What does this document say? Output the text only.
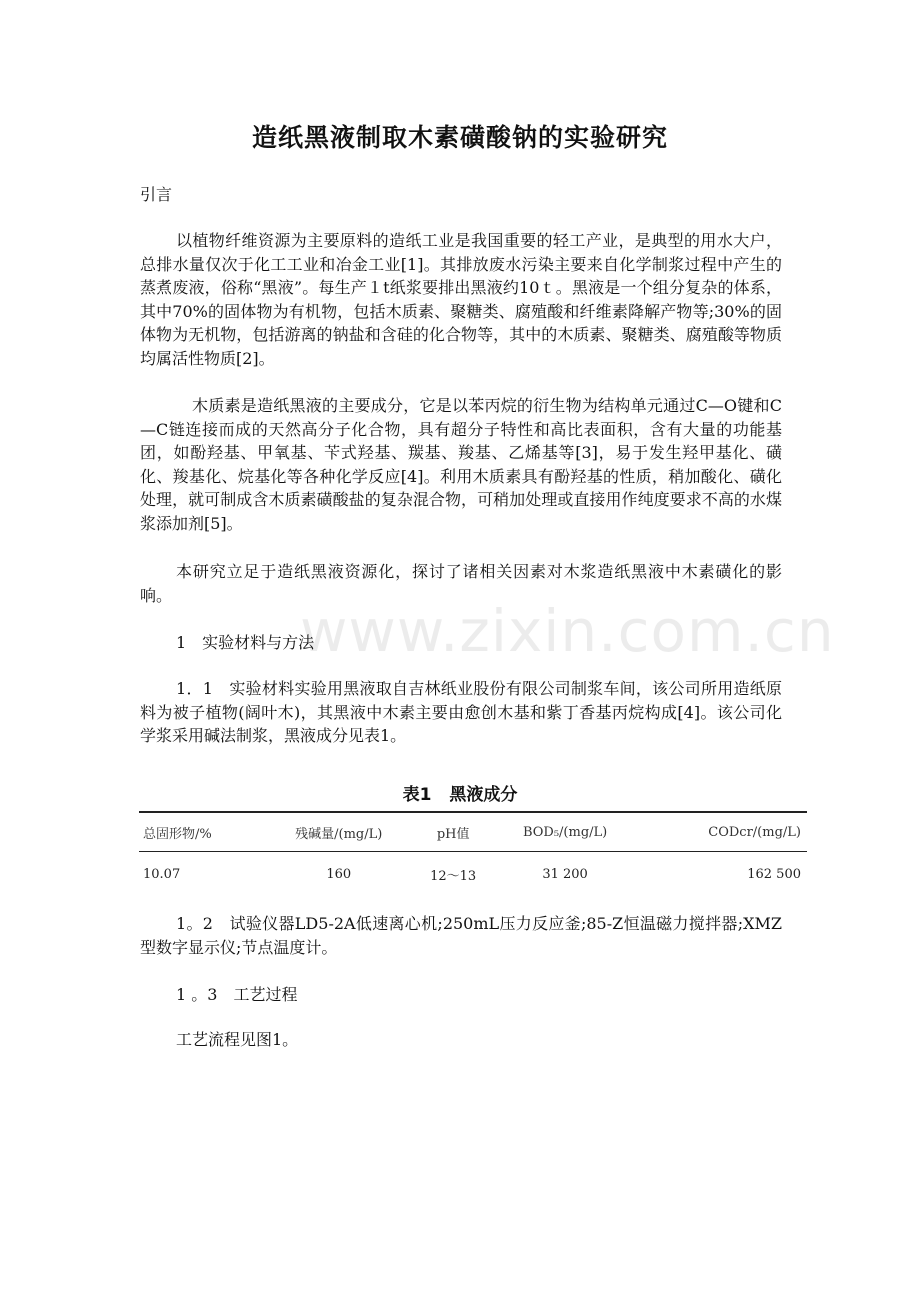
造纸黑液制取木素磺酸钠的实验研究
引言

以植物纤维资源为主要原料的造纸工业是我国重要的轻工产业，是典型的用水大户，总排水量仅次于化工工业和冶金工业[1]。其排放废水污染主要来自化学制浆过程中产生的蒸煮废液，俗称“黑液”。每生产１t纸浆要排出黑液约10ｔ。黑液是一个组分复杂的体系，其中70%的固体物为有机物，包括木质素、聚糖类、腐殖酸和纤维素降解产物等;30%的固体物为无机物，包括游离的钠盐和含硅的化合物等，其中的木质素、聚糖类、腐殖酸等物质均属活性物质[2]。

木质素是造纸黑液的主要成分，它是以苯丙烷的衍生物为结构单元通过C—O键和C—C链连接而成的天然高分子化合物，具有超分子特性和高比表面积，含有大量的功能基团，如酚羟基、甲氧基、苄式羟基、羰基、羧基、乙烯基等[3]，易于发生羟甲基化、磺化、羧基化、烷基化等各种化学反应[4]。利用木质素具有酚羟基的性质，稍加酸化、磺化处理，就可制成含木质素磺酸盐的复杂混合物，可稍加处理或直接用作纯度要求不高的水煤浆添加剂[5]。

本研究立足于造纸黑液资源化，探讨了诸相关因素对木浆造纸黑液中木素磺化的影响。

www.zixin.com.cn
1　实验材料与方法

1．1　实验材料实验用黑液取自吉林纸业股份有限公司制浆车间，该公司所用造纸原料为被子植物(阔叶木)，其黑液中木素主要由愈创木基和紫丁香基丙烷构成[4]。该公司化学浆采用碱法制浆，黑液成分见表1。

表1 黑液成分
总固形物/%	残碱量/(mg/L)	pH值	BOD₅/(mg/L)	CODcr/(mg/L)
10.07	160	12～13	31 200	162 500

1。2　试验仪器LD5-2A低速离心机;250mL压力反应釜;85-Z恒温磁力搅拌器;XMZ型数字显示仪;节点温度计。

1 。3　工艺过程
工艺流程见图1。
